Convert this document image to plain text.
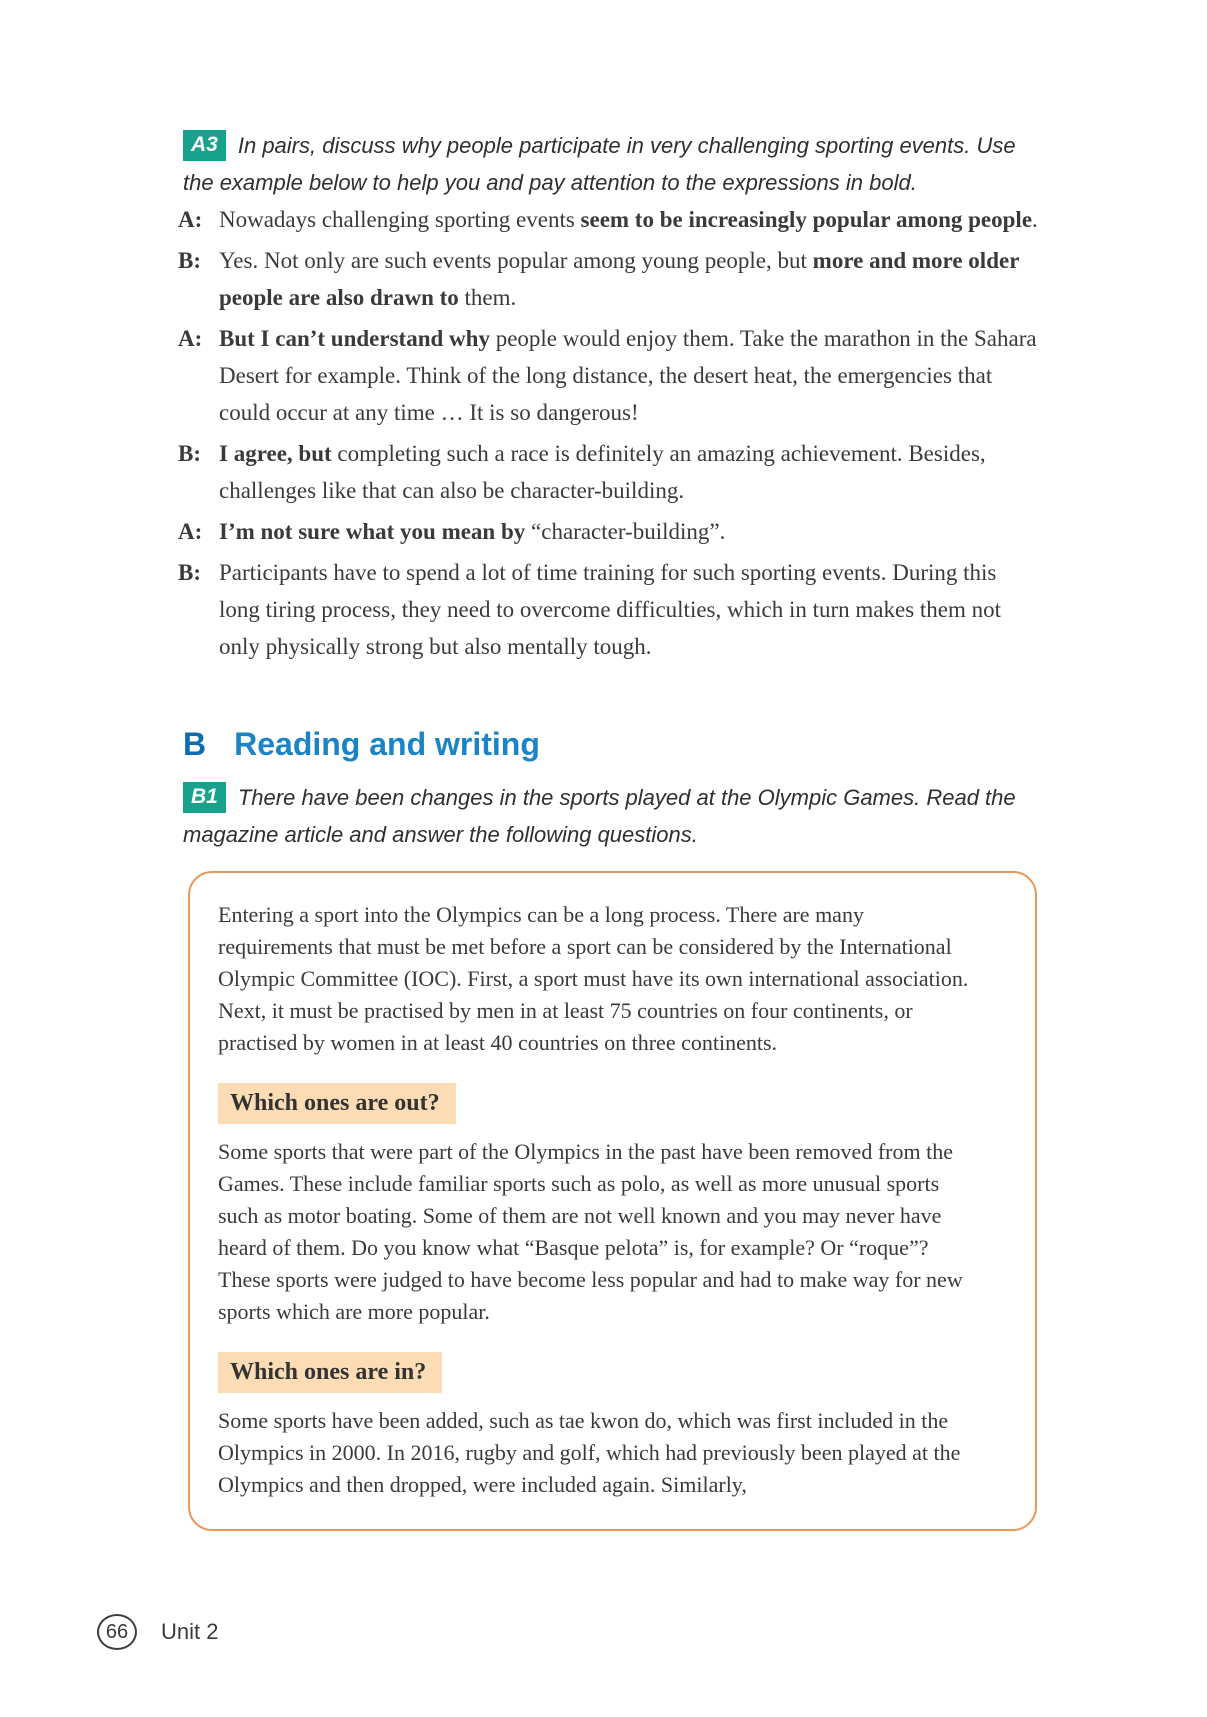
A3 In pairs, discuss why people participate in very challenging sporting events. Use the example below to help you and pay attention to the expressions in bold.
A: Nowadays challenging sporting events seem to be increasingly popular among people.
B: Yes. Not only are such events popular among young people, but more and more older people are also drawn to them.
A: But I can’t understand why people would enjoy them. Take the marathon in the Sahara Desert for example. Think of the long distance, the desert heat, the emergencies that could occur at any time … It is so dangerous!
B: I agree, but completing such a race is definitely an amazing achievement. Besides, challenges like that can also be character-building.
A: I’m not sure what you mean by “character-building”.
B: Participants have to spend a lot of time training for such sporting events. During this long tiring process, they need to overcome difficulties, which in turn makes them not only physically strong but also mentally tough.
B Reading and writing
B1 There have been changes in the sports played at the Olympic Games. Read the magazine article and answer the following questions.

Entering a sport into the Olympics can be a long process. There are many requirements that must be met before a sport can be considered by the International Olympic Committee (IOC). First, a sport must have its own international association. Next, it must be practised by men in at least 75 countries on four continents, or practised by women in at least 40 countries on three continents.

Which ones are out?

Some sports that were part of the Olympics in the past have been removed from the Games. These include familiar sports such as polo, as well as more unusual sports such as motor boating. Some of them are not well known and you may never have heard of them. Do you know what “Basque pelota” is, for example? Or “roque”? These sports were judged to have become less popular and had to make way for new sports which are more popular.

Which ones are in?

Some sports have been added, such as tae kwon do, which was first included in the Olympics in 2000. In 2016, rugby and golf, which had previously been played at the Olympics and then dropped, were included again. Similarly,

66	Unit 2
